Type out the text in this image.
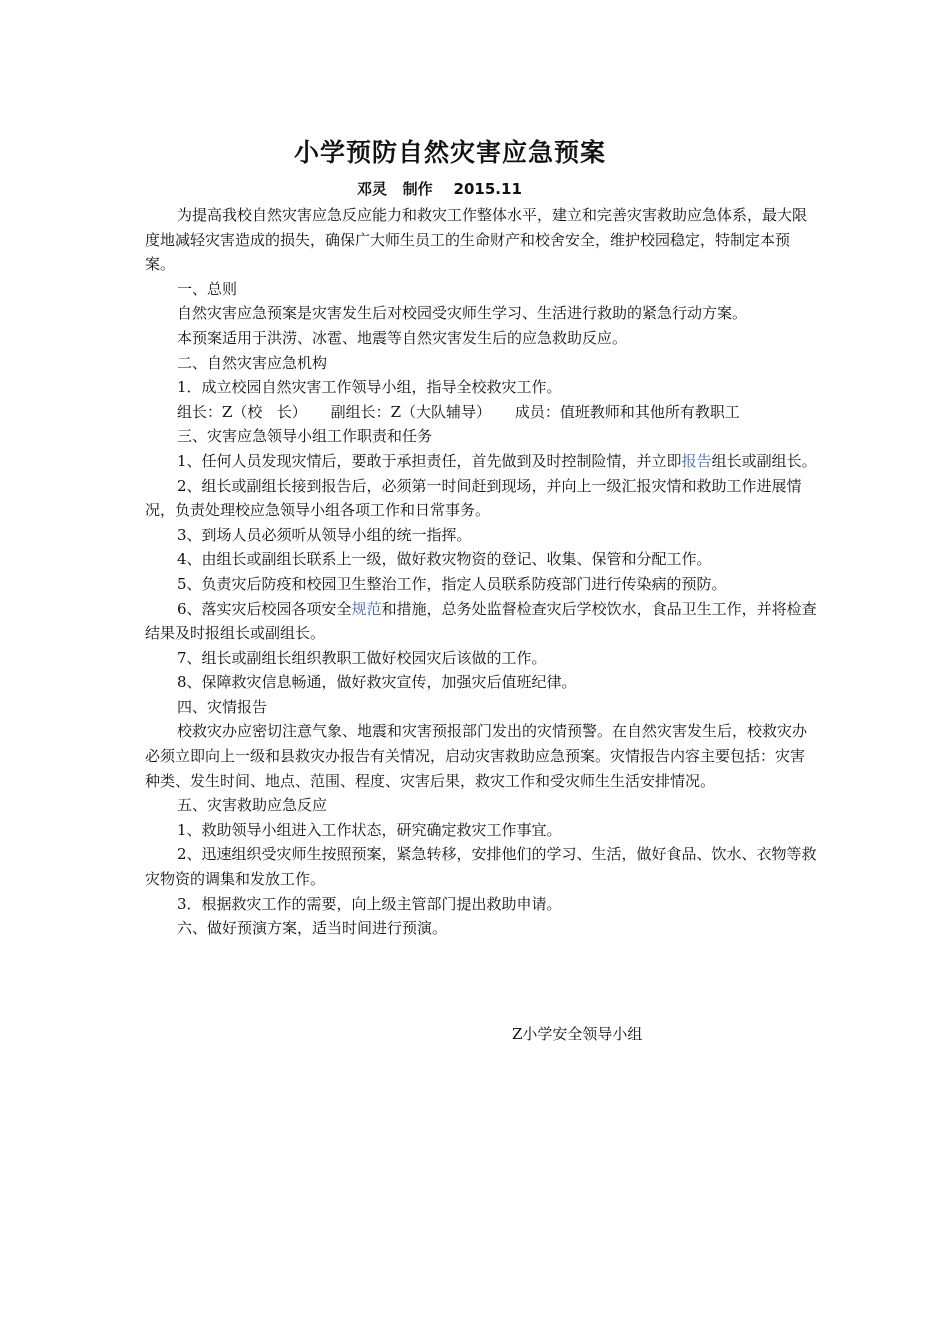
小学预防自然灾害应急预案
邓灵   制作    2015.11

为提高我校自然灾害应急反应能力和救灾工作整体水平，建立和完善灾害救助应急体系，最大限度地减轻灾害造成的损失，确保广大师生员工的生命财产和校舍安全，维护校园稳定，特制定本预案。

一、总则

自然灾害应急预案是灾害发生后对校园受灾师生学习、生活进行救助的紧急行动方案。

本预案适用于洪涝、冰雹、地震等自然灾害发生后的应急救助反应。

二、自然灾害应急机构

1．成立校园自然灾害工作领导小组，指导全校救灾工作。

组长：Z（校   长）     副组长：Z（大队辅导）     成员：值班教师和其他所有教职工

三、灾害应急领导小组工作职责和任务

1、任何人员发现灾情后，要敢于承担责任，首先做到及时控制险情，并立即报告组长或副组长。

2、组长或副组长接到报告后，必须第一时间赶到现场，并向上一级汇报灾情和救助工作进展情况，负责处理校应急领导小组各项工作和日常事务。

3、到场人员必须听从领导小组的统一指挥。

4、由组长或副组长联系上一级，做好救灾物资的登记、收集、保管和分配工作。

5、负责灾后防疫和校园卫生整治工作，指定人员联系防疫部门进行传染病的预防。

6、落实灾后校园各项安全规范和措施，总务处监督检查灾后学校饮水，食品卫生工作，并将检查结果及时报组长或副组长。

7、组长或副组长组织教职工做好校园灾后该做的工作。

8、保障救灾信息畅通，做好救灾宣传，加强灾后值班纪律。

四、灾情报告

校救灾办应密切注意气象、地震和灾害预报部门发出的灾情预警。在自然灾害发生后，校救灾办必须立即向上一级和县救灾办报告有关情况，启动灾害救助应急预案。灾情报告内容主要包括：灾害种类、发生时间、地点、范围、程度、灾害后果，救灾工作和受灾师生生活安排情况。

五、灾害救助应急反应

1、救助领导小组进入工作状态，研究确定救灾工作事宜。

2、迅速组织受灾师生按照预案，紧急转移，安排他们的学习、生活，做好食品、饮水、衣物等救灾物资的调集和发放工作。

3．根据救灾工作的需要，向上级主管部门提出救助申请。

六、做好预演方案，适当时间进行预演。

Z小学安全领导小组
